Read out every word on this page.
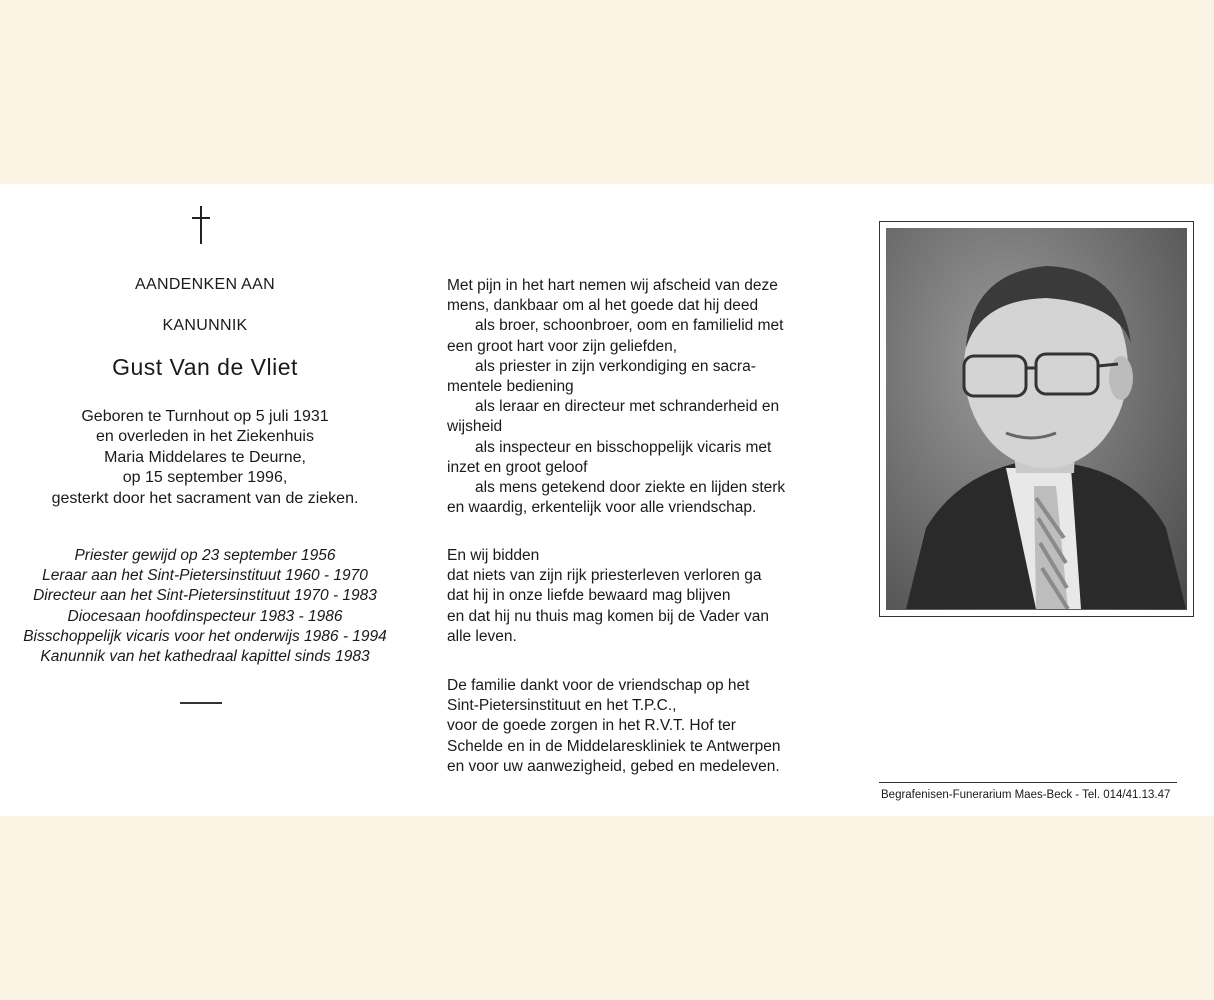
AANDENKEN AAN
KANUNNIK
Gust Van de Vliet
Geboren te Turnhout op 5 juli 1931
en overleden in het Ziekenhuis
Maria Middelares te Deurne,
op 15 september 1996,
gesterkt door het sacrament van de zieken.
Priester gewijd op 23 september 1956
Leraar aan het Sint-Pietersinstituut 1960 - 1970
Directeur aan het Sint-Pietersinstituut 1970 - 1983
Diocesaan hoofdinspecteur 1983 - 1986
Bisschoppelijk vicaris voor het onderwijs 1986 - 1994
Kanunnik van het kathedraal kapittel sinds 1983
Met pijn in het hart nemen wij afscheid van deze
mens, dankbaar om al het goede dat hij deed
als broer, schoonbroer, oom en familielid met
een groot hart voor zijn geliefden,
als priester in zijn verkondiging en sacra-
mentele bediening
als leraar en directeur met schranderheid en
wijsheid
als inspecteur en bisschoppelijk vicaris met
inzet en groot geloof
als mens getekend door ziekte en lijden sterk
en waardig, erkentelijk voor alle vriendschap.
En wij bidden
dat niets van zijn rijk priesterleven verloren ga
dat hij in onze liefde bewaard mag blijven
en dat hij nu thuis mag komen bij de Vader van
alle leven.
De familie dankt voor de vriendschap op het
Sint-Pietersinstituut en het T.P.C.,
voor de goede zorgen in het R.V.T. Hof ter
Schelde en in de Middelareskliniek te Antwerpen
en voor uw aanwezigheid, gebed en medeleven.
Begrafenisen-Funerarium Maes-Beck - Tel. 014/41.13.47
